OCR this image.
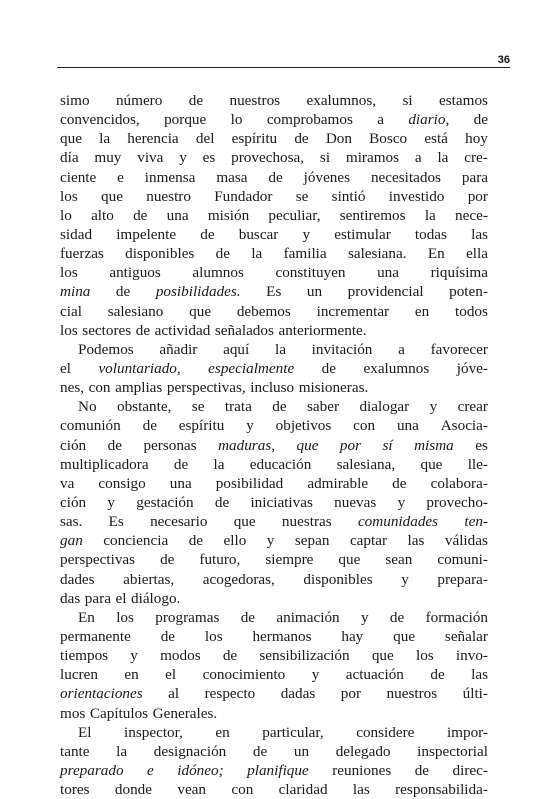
36
simo número de nuestros exalumnos, si estamos
convencidos, porque lo comprobamos a diario, de
que la herencia del espíritu de Don Bosco está hoy
día muy viva y es provechosa, si miramos a la cre-
ciente e inmensa masa de jóvenes necesitados para
los que nuestro Fundador se sintió investido por
lo alto de una misión peculiar, sentiremos la nece-
sidad impelente de buscar y estimular todas las
fuerzas disponibles de la familia salesiana. En ella
los antiguos alumnos constituyen una riquísima
mina de posibilidades. Es un providencial poten-
cial salesiano que debemos incrementar en todos
los sectores de actividad señalados anteriormente.
Podemos añadir aquí la invitación a favorecer
el voluntariado, especialmente de exalumnos jóve-
nes, con amplias perspectivas, incluso misioneras.
No obstante, se trata de saber dialogar y crear
comunión de espíritu y objetivos con una Asocia-
ción de personas maduras, que por sí misma es
multiplicadora de la educación salesiana, que lle-
va consigo una posibilidad admirable de colabora-
ción y gestación de iniciativas nuevas y provecho-
sas. Es necesario que nuestras comunidades ten-
gan conciencia de ello y sepan captar las válidas
perspectivas de futuro, siempre que sean comuni-
dades abiertas, acogedoras, disponibles y prepara-
das para el diálogo.
En los programas de animación y de formación
permanente de los hermanos hay que señalar
tiempos y modos de sensibilización que los invo-
lucren en el conocimiento y actuación de las
orientaciones al respecto dadas por nuestros últi-
mos Capítulos Generales.
El inspector, en particular, considere impor-
tante la designación de un delegado inspectorial
preparado e idóneo; planifique reuniones de direc-
tores donde vean con claridad las responsabilida-
